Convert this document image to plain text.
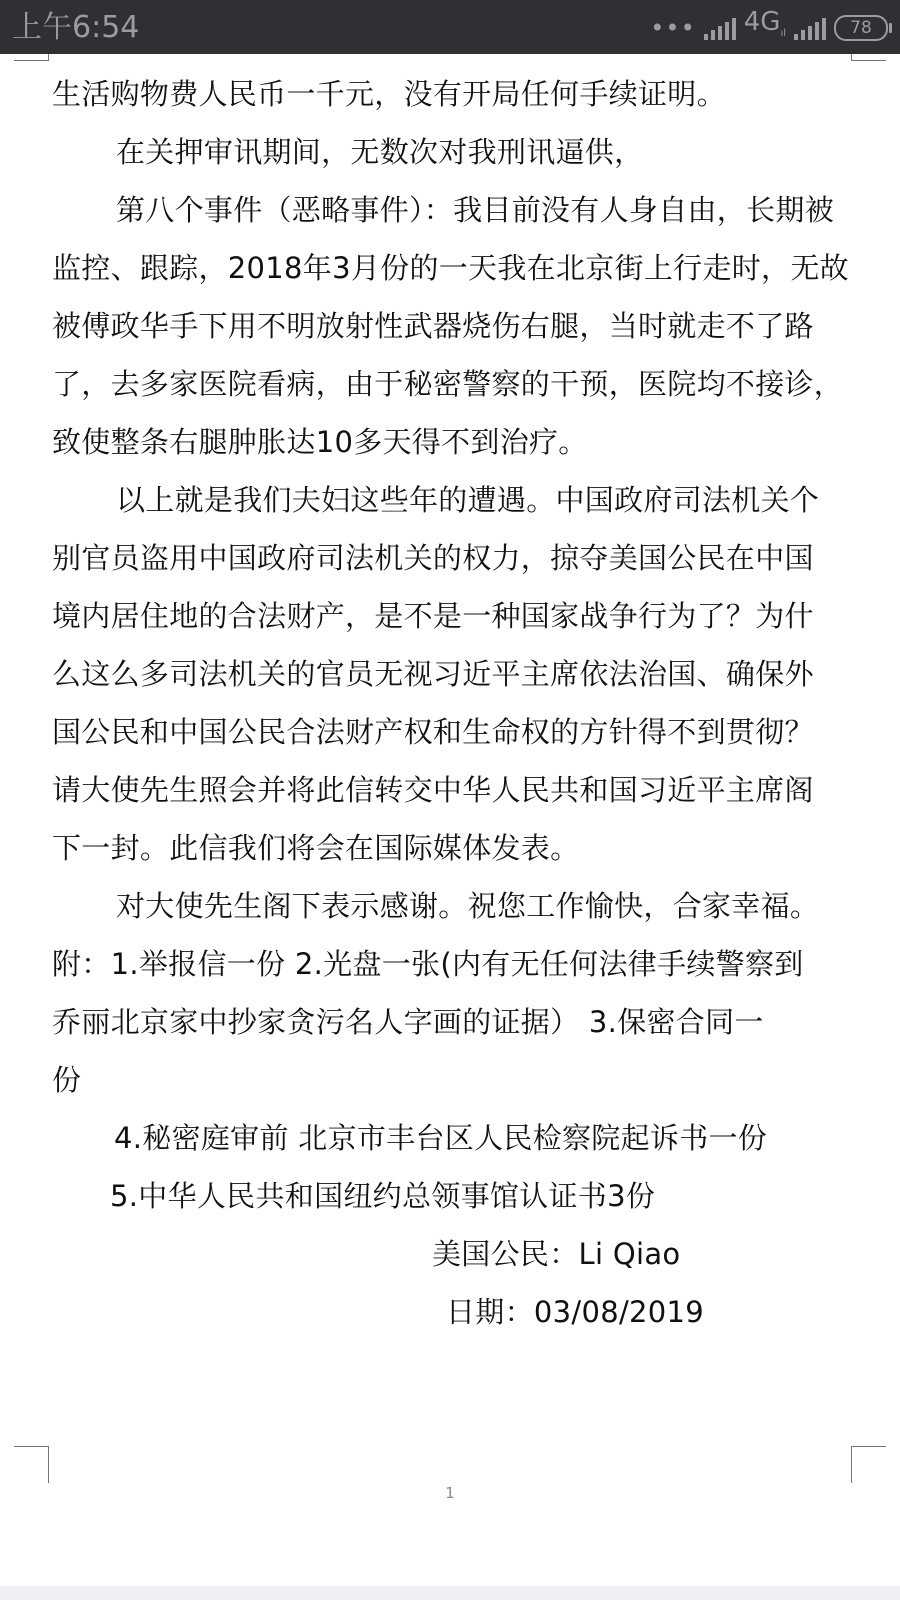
上午6:54	••• $4G_{ıl}$	78
生活购物费人民币一千元，没有开局任何手续证明。
在关押审讯期间，无数次对我刑讯逼供，
第八个事件（恶略事件）：我目前没有人身自由，长期被
监控、跟踪，2018年3月份的一天我在北京街上行走时，无故
被傅政华手下用不明放射性武器烧伤右腿，当时就走不了路
了，去多家医院看病，由于秘密警察的干预，医院均不接诊，
致使整条右腿肿胀达10多天得不到治疗。
以上就是我们夫妇这些年的遭遇。中国政府司法机关个
别官员盗用中国政府司法机关的权力，掠夺美国公民在中国
境内居住地的合法财产，是不是一种国家战争行为了？为什
么这么多司法机关的官员无视习近平主席依法治国、确保外
国公民和中国公民合法财产权和生命权的方针得不到贯彻？
请大使先生照会并将此信转交中华人民共和国习近平主席阁
下一封。此信我们将会在国际媒体发表。
对大使先生阁下表示感谢。祝您工作愉快，合家幸福。
附：1.举报信一份 2.光盘一张(内有无任何法律手续警察到
乔丽北京家中抄家贪污名人字画的证据） 3.保密合同一
份
4.秘密庭审前 北京市丰台区人民检察院起诉书一份
5.中华人民共和国纽约总领事馆认证书3份
美国公民：Li Qiao
日期：03/08/2019
1
